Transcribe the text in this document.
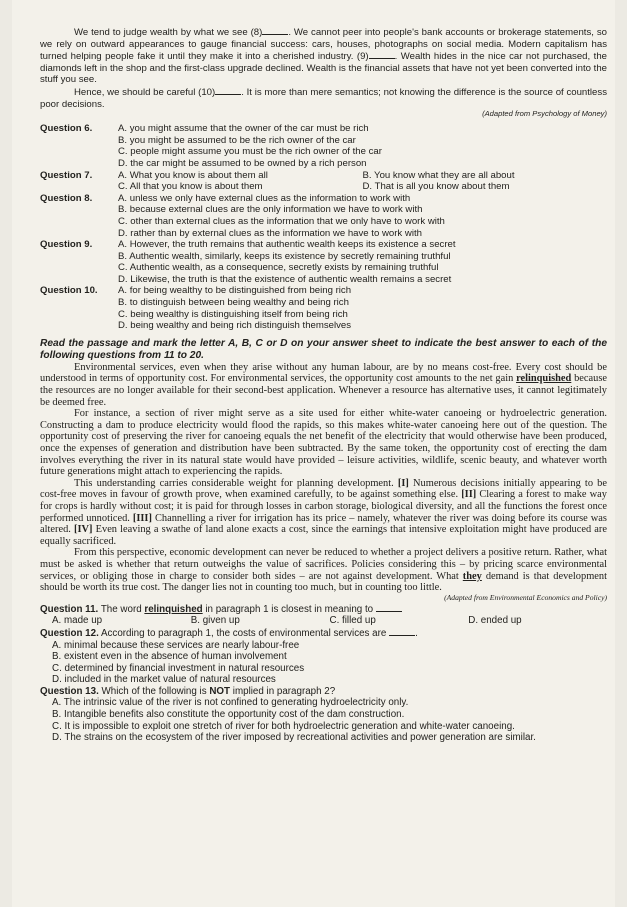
We tend to judge wealth by what we see (8)	. We cannot peer into people's bank accounts or brokerage statements, so we rely on outward appearances to gauge financial success: cars, houses, photographs on social media. Modern capitalism has turned helping people fake it until they make it into a cherished industry. (9)	. Wealth hides in the nice car not purchased, the diamonds left in the shop and the first-class upgrade declined. Wealth is the financial assets that have not yet been converted into the stuff you see.

Hence, we should be careful (10)	. It is more than mere semantics; not knowing the difference is the source of countless poor decisions.

(Adapted from Psychology of Money)
Question 6.	A. you might assume that the owner of the car must be rich
B. you might be assumed to be the rich owner of the car
C. people might assume you must be the rich owner of the car
D. the car might be assumed to be owned by a rich person
Question 7.	A. What you know is about them all	B. You know what they are all about
C. All that you know is about them	D. That is all you know about them
Question 8.	A. unless we only have external clues as the information to work with
B. because external clues are the only information we have to work with
C. other than external clues as the information that we only have to work with
D. rather than by external clues as the information we have to work with
Question 9.	A. However, the truth remains that authentic wealth keeps its existence a secret
B. Authentic wealth, similarly, keeps its existence by secretly remaining truthful
C. Authentic wealth, as a consequence, secretly exists by remaining truthful
D. Likewise, the truth is that the existence of authentic wealth remains a secret
Question 10.	A. for being wealthy to be distinguished from being rich
B. to distinguish between being wealthy and being rich
C. being wealthy is distinguishing itself from being rich
D. being wealthy and being rich distinguish themselves

Read the passage and mark the letter A, B, C or D on your answer sheet to indicate the best answer to each of the following questions from 11 to 20.

Environmental services, even when they arise without any human labour, are by no means cost-free. Every cost should be understood in terms of opportunity cost. For environmental services, the opportunity cost amounts to the net gain relinquished because the resources are no longer available for their second-best application. Whenever a resource has alternative uses, it cannot legitimately be deemed free.

For instance, a section of river might serve as a site used for either white-water canoeing or hydroelectric generation. Constructing a dam to produce electricity would flood the rapids, so this makes white-water canoeing here out of the question. The opportunity cost of preserving the river for canoeing equals the net benefit of the electricity that would otherwise have been produced, once the expenses of generation and distribution have been subtracted. By the same token, the opportunity cost of erecting the dam involves everything the river in its natural state would have provided – leisure activities, wildlife, scenic beauty, and whatever worth future generations might attach to experiencing the rapids.

This understanding carries considerable weight for planning development. [I] Numerous decisions initially appearing to be cost-free moves in favour of growth prove, when examined carefully, to be against something else. [II] Clearing a forest to make way for crops is hardly without cost; it is paid for through losses in carbon storage, biological diversity, and all the functions the forest once performed unnoticed. [III] Channelling a river for irrigation has its price – namely, whatever the river was doing before its course was altered. [IV] Even leaving a swathe of land alone exacts a cost, since the earnings that intensive exploitation might have produced are equally sacrificed.

From this perspective, economic development can never be reduced to whether a project delivers a positive return. Rather, what must be asked is whether that return outweighs the value of sacrifices. Policies considering this – by pricing scarce environmental services, or obliging those in charge to consider both sides – are not against development. What they demand is that development should be worth its true cost. The danger lies not in counting too much, but in counting too little.

(Adapted from Environmental Economics and Policy)
Question 11. The word relinquished in paragraph 1 is closest in meaning to
A. made up	B. given up	C. filled up	D. ended up
Question 12. According to paragraph 1, the costs of environmental services are	.
A. minimal because these services are nearly labour-free
B. existent even in the absence of human involvement
C. determined by financial investment in natural resources
D. included in the market value of natural resources
Question 13. Which of the following is NOT implied in paragraph 2?
A. The intrinsic value of the river is not confined to generating hydroelectricity only.
B. Intangible benefits also constitute the opportunity cost of the dam construction.
C. It is impossible to exploit one stretch of river for both hydroelectric generation and white-water canoeing.
D. The strains on the ecosystem of the river imposed by recreational activities and power generation are similar.
